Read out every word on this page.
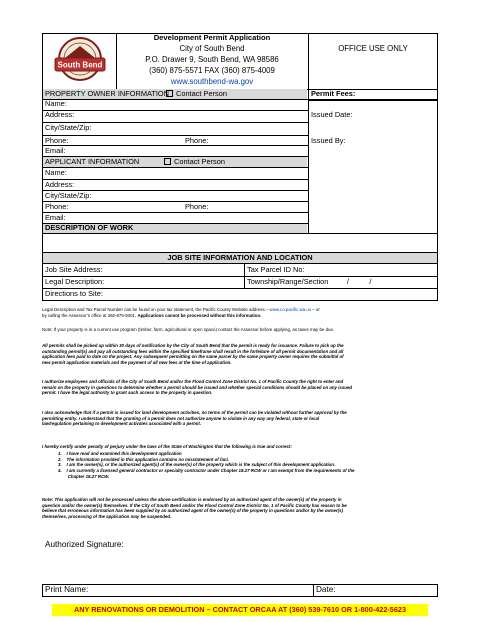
South Bend
Development Permit Application
City of South Bend
P.O. Drawer 9, South Bend, WA 98586
(360) 875-5571 FAX (360) 875-4009
www.southbend-wa.gov
OFFICE USE ONLY
PROPERTY OWNER INFORMATION Contact Person
Name:
Address:
City/State/Zip:
Phone:	Phone:
Email:
Permit Fees:
Issued Date:
Issued By:
APPLICANT INFORMATION	Contact Person
Name:
Address:
City/State/Zip:
Phone:	Phone:
Email:
DESCRIPTION OF WORK
JOB SITE INFORMATION AND LOCATION
Job Site Address:	Tax Parcel ID No:
Legal Description:	Township/Range/Section         /          /
Directions to Site:
Legal Description and Tax Parcel Number can be found on your tax statement, the Pacific County Website address – www.co.pacific.wa.us – or
by calling the Assessor’s office at 360-875-9301. Applications cannot be processed without this information.
Note: If your property is in a current use program (timber, farm, agricultural or open space) contact the Assessor before applying, as taxes may be due.
All permits shall be picked up within 30 days of notification by the City of South Bend that the permit is ready for issuance. Failure to pick up the
outstanding permit(s) and pay all outstanding fees within the specified timeframe shall result in the forfeiture of all permit documentation and all
application fees paid to date on the project. Any subsequent permitting on the same parcel by the same property owner requires the submittal of
new permit application materials and the payment of all new fees at the time of application.
I authorize employees and officials of the City of South Bend and/or the Flood Control Zone District No. 1 of Pacific County the right to enter and
remain on the property in questions to determine whether a permit should be issued and whether special conditions should be placed on any issued
permit. I have the legal authority to grant such access to the property in question.
I also acknowledge that if a permit is issued for land development activities, no terms of the permit can be violated without further approval by the
permitting entity. I understand that the granting of a permit does not authorize anyone to violate in any way any federal, state or local
law/regulation pertaining to development activates associated with a permit.
I hereby certify under penalty of perjury under the laws of the State of Washington that the following is true and correct:
1.    I have read and examined this development application
2.    The information provided in this application contains no misstatement of fact.
3.    I am the owner(s), or the authorized agent(s) of the owner(s) of the property which is the subject of this development application.
4.    I am currently a licensed general contractor or specialty contractor under Chapter 18.27 RCW or I am exempt from the requirements of the
Chapter 18.27 RCW.
Note: This application will not be processed unless the above certification is endorsed by an authorized agent of the owner(s) of the property in
question and/or the owner(s) themselves. If the City of South Bend and/or the Flood Control Zone District No. 1 of Pacific County has reason to be
believe that erroneous information has been supplied by an authorized agent of the owner(s) of the property in questions and/or by the owner(s)
themselves, processing of the application may be suspended.
Authorized Signature:
Print Name:	Date:
ANY RENOVATIONS OR DEMOLITION – CONTACT ORCAA AT (360) 539-7610 OR 1-800-422-5623
